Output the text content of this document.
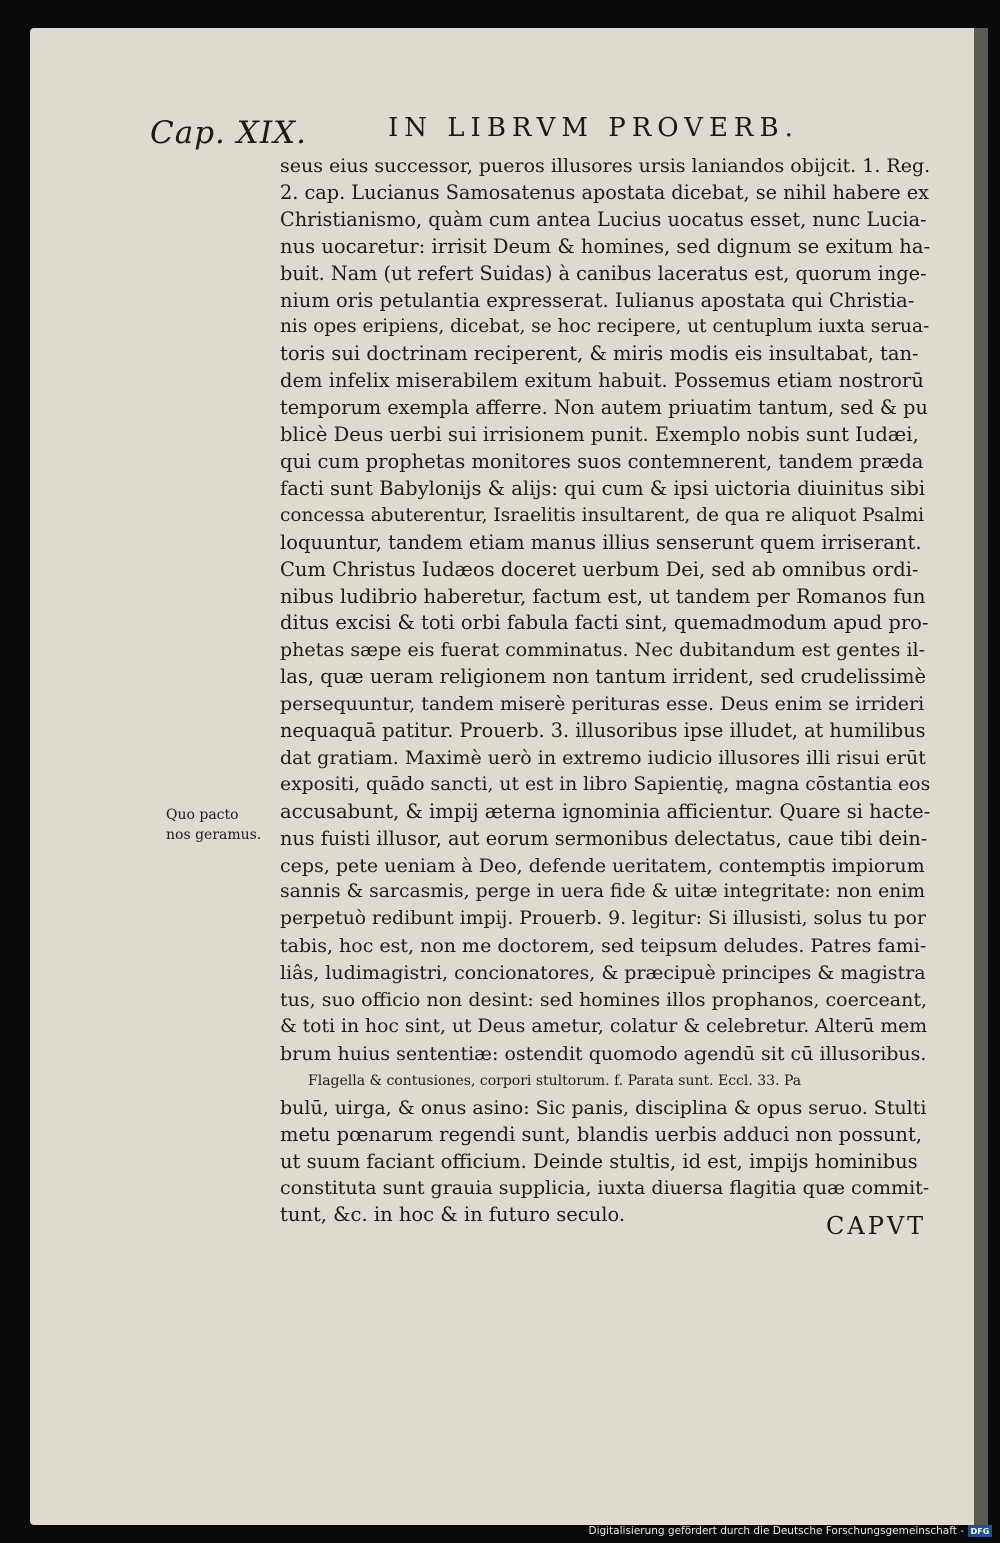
Cap. XIX.	IN LIBRVM PROVERB.
Quo pacto
nos geramus.
seus eius successor, pueros illusores ursis laniandos obijcit. 1. Reg.
2. cap. Lucianus Samosatenus apostata dicebat, se nihil habere ex
Christianismo, quàm cum antea Lucius uocatus esset, nunc Lucia-
nus uocaretur: irrisit Deum & homines, sed dignum se exitum ha-
buit. Nam (ut refert Suidas) à canibus laceratus est, quorum inge-
nium oris petulantia expresserat. Iulianus apostata qui Christia-
nis opes eripiens, dicebat, se hoc recipere, ut centuplum iuxta serua-
toris sui doctrinam reciperent, & miris modis eis insultabat, tan-
dem infelix miserabilem exitum habuit. Possemus etiam nostrorū
temporum exempla afferre. Non autem priuatim tantum, sed & pu
blicè Deus uerbi sui irrisionem punit. Exemplo nobis sunt Iudæi,
qui cum prophetas monitores suos contemnerent, tandem præda
facti sunt Babylonijs & alijs: qui cum & ipsi uictoria diuinitus sibi
concessa abuterentur, Israelitis insultarent, de qua re aliquot Psalmi
loquuntur, tandem etiam manus illius senserunt quem irriserant.
Cum Christus Iudæos doceret uerbum Dei, sed ab omnibus ordi-
nibus ludibrio haberetur, factum est, ut tandem per Romanos fun
ditus excisi & toti orbi fabula facti sint, quemadmodum apud pro-
phetas sæpe eis fuerat comminatus. Nec dubitandum est gentes il-
las, quæ ueram religionem non tantum irrident, sed crudelissimè
persequuntur, tandem miserè perituras esse. Deus enim se irrideri
nequaquā patitur. Prouerb. 3. illusoribus ipse illudet, at humilibus
dat gratiam. Maximè uerò in extremo iudicio illusores illi risui erūt
expositi, quādo sancti, ut est in libro Sapientię, magna cōstantia eos
accusabunt, & impij æterna ignominia afficientur. Quare si hacte-
nus fuisti illusor, aut eorum sermonibus delectatus, caue tibi dein-
ceps, pete ueniam à Deo, defende ueritatem, contemptis impiorum
sannis & sarcasmis, perge in uera fide & uitæ integritate: non enim
perpetuò redibunt impij. Prouerb. 9. legitur: Si illusisti, solus tu por
tabis, hoc est, non me doctorem, sed teipsum deludes. Patres fami-
liâs, ludimagistri, concionatores, & præcipuè principes & magistra
tus, suo officio non desint: sed homines illos prophanos, coerceant,
& toti in hoc sint, ut Deus ametur, colatur & celebretur. Alterū mem
brum huius sententiæ: ostendit quomodo agendū sit cū illusoribus.
Flagella & contusiones, corpori stultorum. f. Parata sunt. Eccl. 33. Pa
bulū, uirga, & onus asino: Sic panis, disciplina & opus seruo. Stulti
metu pœnarum regendi sunt, blandis uerbis adduci non possunt,
ut suum faciant officium. Deinde stultis, id est, impijs hominibus
constituta sunt grauia supplicia, iuxta diuersa flagitia quæ commit-
tunt, &c. in hoc & in futuro seculo.	CAPVT
Digitalisierung gefördert durch die Deutsche Forschungsgemeinschaft - DFG
